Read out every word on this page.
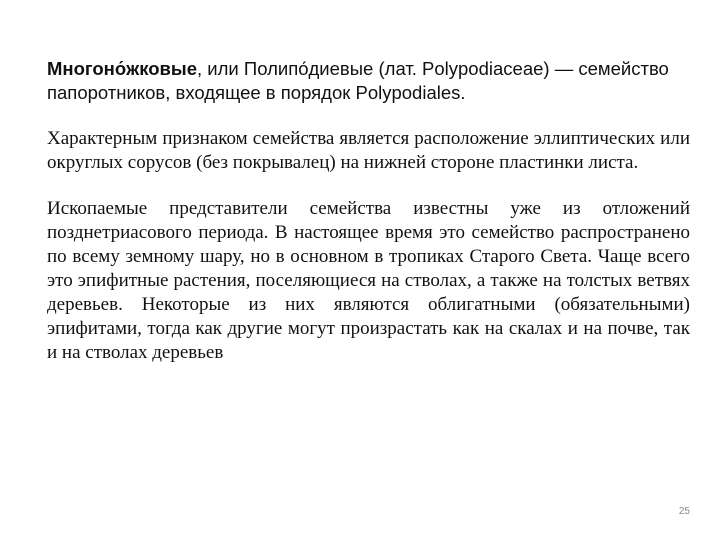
Многоно́жковые, или Полипо́диевые (лат. Polypodiaceae) — семейство папоротников, входящее в порядок Polypodiales.

Характерным признаком семейства является расположение эллиптических или округлых сорусов (без покрывалец) на нижней стороне пластинки листа.

Ископаемые представители семейства известны уже из отложений позднетриасового периода. В настоящее время это семейство распространено по всему земному шару, но в основном в тропиках Старого Света. Чаще всего это эпифитные растения, поселяющиеся на стволах, а также на толстых ветвях деревьев. Некоторые из них являются облигатными (обязательными) эпифитами, тогда как другие могут произрастать как на скалах и на почве, так и на стволах деревьев

25
